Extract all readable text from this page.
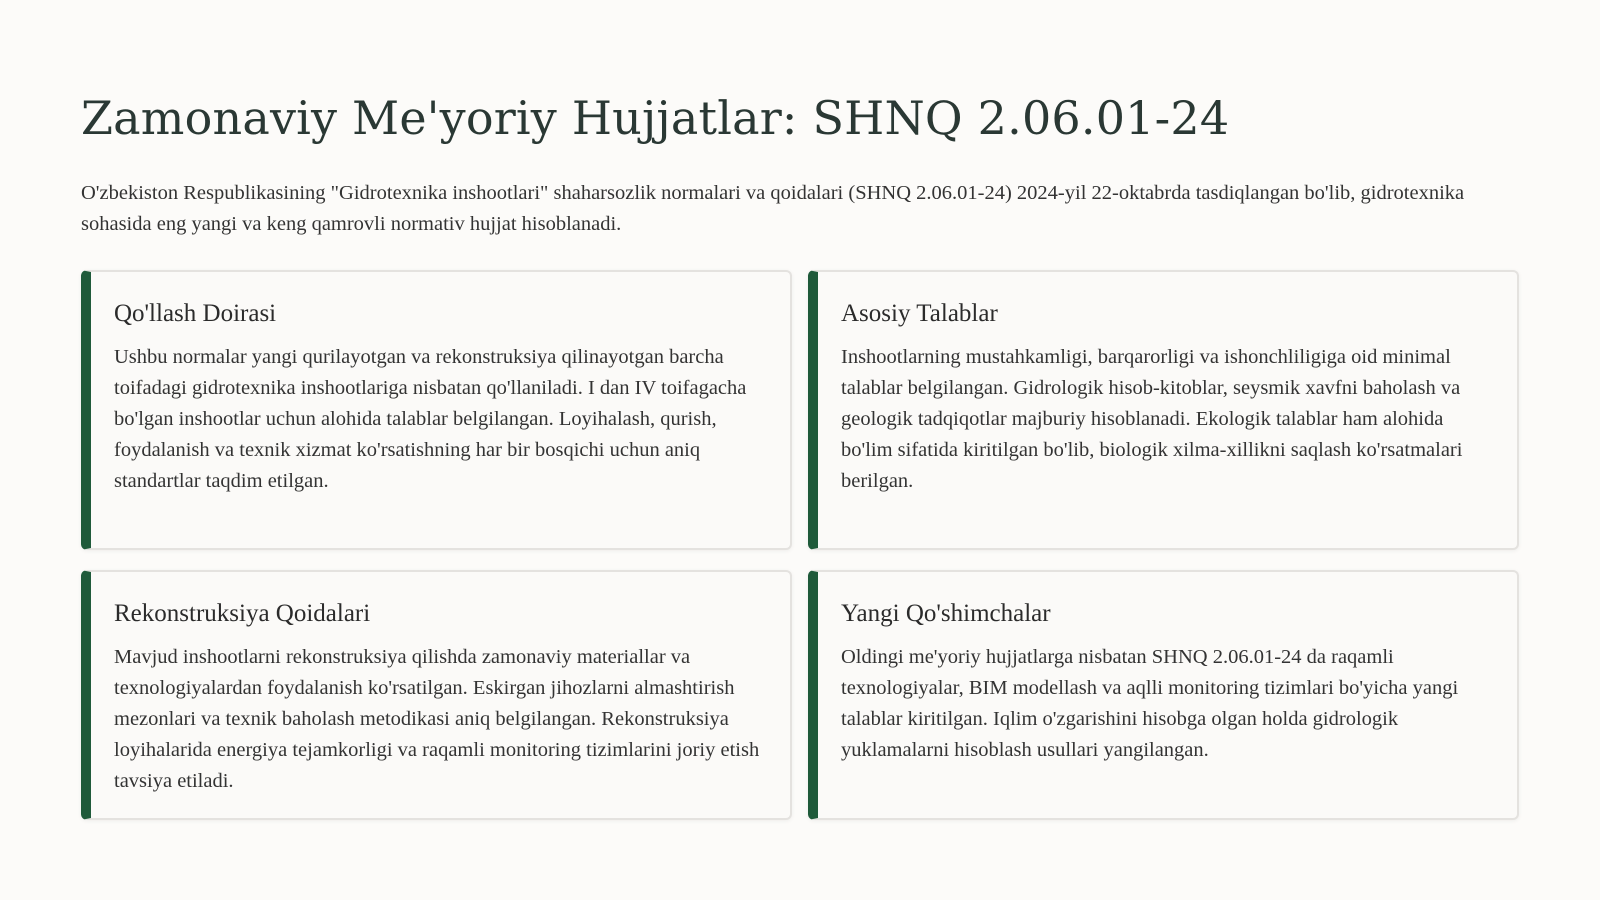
Zamonaviy Me'yoriy Hujjatlar: SHNQ 2.06.01-24

O'zbekiston Respublikasining "Gidrotexnika inshootlari" shaharsozlik normalari va qoidalari (SHNQ 2.06.01-24) 2024-yil 22-oktabrda tasdiqlangan bo'lib, gidrotexnika sohasida eng yangi va keng qamrovli normativ hujjat hisoblanadi.

Qo'llash Doirasi

Ushbu normalar yangi qurilayotgan va rekonstruksiya qilinayotgan barcha toifadagi gidrotexnika inshootlariga nisbatan qo'llaniladi. I dan IV toifagacha bo'lgan inshootlar uchun alohida talablar belgilangan. Loyihalash, qurish, foydalanish va texnik xizmat ko'rsatishning har bir bosqichi uchun aniq standartlar taqdim etilgan.

Asosiy Talablar

Inshootlarning mustahkamligi, barqarorligi va ishonchliligiga oid minimal talablar belgilangan. Gidrologik hisob-kitoblar, seysmik xavfni baholash va geologik tadqiqotlar majburiy hisoblanadi. Ekologik talablar ham alohida bo'lim sifatida kiritilgan bo'lib, biologik xilma-xillikni saqlash ko'rsatmalari berilgan.

Rekonstruksiya Qoidalari

Mavjud inshootlarni rekonstruksiya qilishda zamonaviy materiallar va texnologiyalardan foydalanish ko'rsatilgan. Eskirgan jihozlarni almashtirish mezonlari va texnik baholash metodikasi aniq belgilangan. Rekonstruksiya loyihalarida energiya tejamkorligi va raqamli monitoring tizimlarini joriy etish tavsiya etiladi.

Yangi Qo'shimchalar

Oldingi me'yoriy hujjatlarga nisbatan SHNQ 2.06.01-24 da raqamli texnologiyalar, BIM modellash va aqlli monitoring tizimlari bo'yicha yangi talablar kiritilgan. Iqlim o'zgarishini hisobga olgan holda gidrologik yuklamalarni hisoblash usullari yangilangan.
